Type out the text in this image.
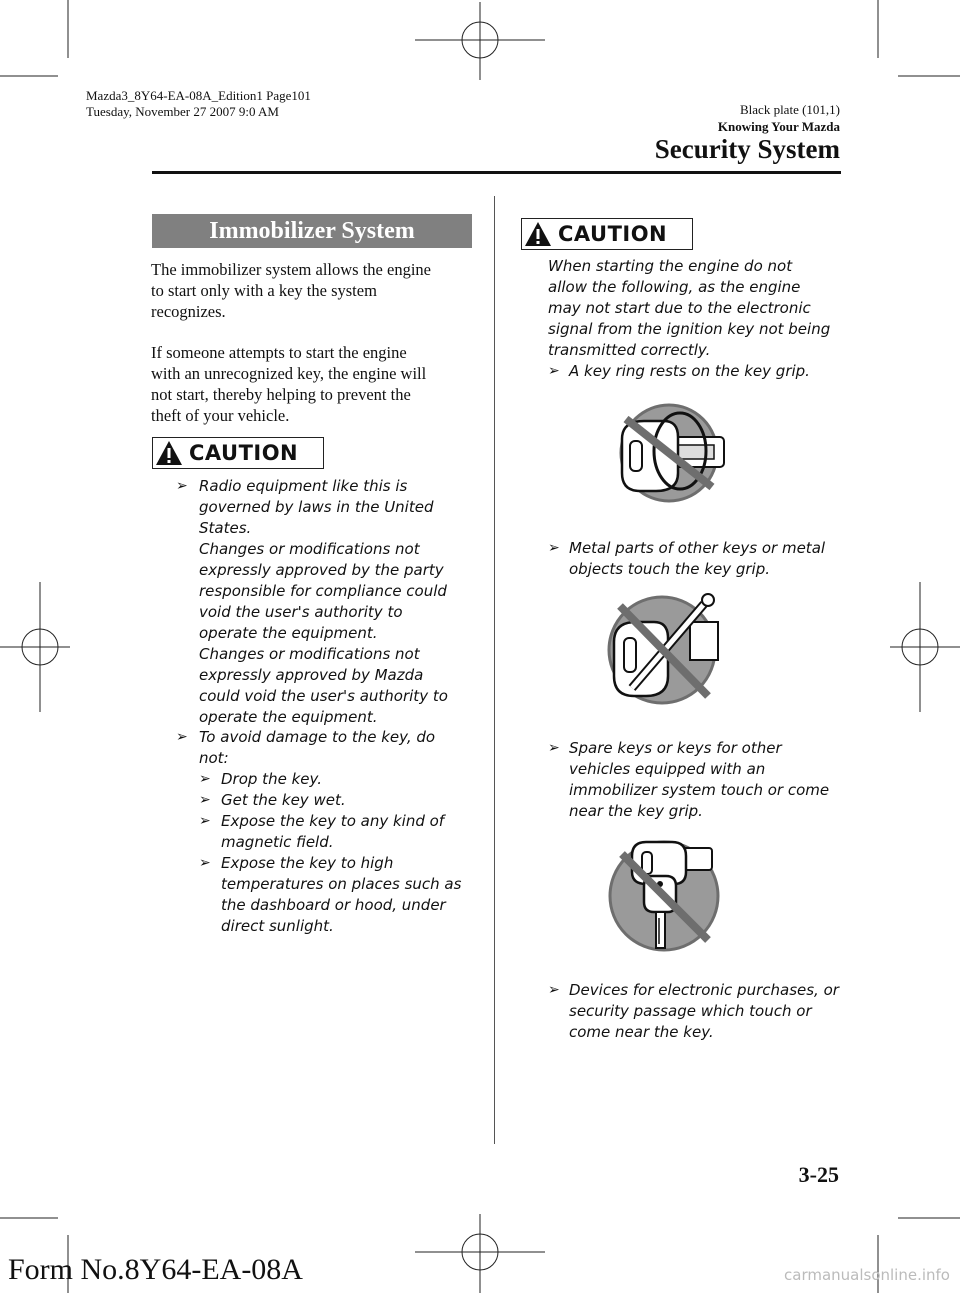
Mazda3_8Y64-EA-08A_Edition1 Page101
Tuesday, November 27 2007 9:0 AM	Black plate (101,1)
Knowing Your Mazda
Security System
Immobilizer System
The immobilizer system allows the engine
to start only with a key the system
recognizes.
If someone attempts to start the engine
with an unrecognized key, the engine will
not start, thereby helping to prevent the
theft of your vehicle.
CAUTION
➢ Radio equipment like this is
governed by laws in the United
States.
Changes or modifications not
expressly approved by the party
responsible for compliance could
void the user's authority to
operate the equipment.
Changes or modifications not
expressly approved by Mazda
could void the user's authority to
operate the equipment.
➢ To avoid damage to the key, do
not:
➢ Drop the key.
➢ Get the key wet.
➢ Expose the key to any kind of
magnetic field.
➢ Expose the key to high
temperatures on places such as
the dashboard or hood, under
direct sunlight.
CAUTION
When starting the engine do not
allow the following, as the engine
may not start due to the electronic
signal from the ignition key not being
transmitted correctly.
➢ A key ring rests on the key grip.
➢ Metal parts of other keys or metal
objects touch the key grip.
➢ Spare keys or keys for other
vehicles equipped with an
immobilizer system touch or come
near the key grip.
➢ Devices for electronic purchases, or
security passage which touch or
come near the key.
3-25
Form No.8Y64-EA-08A	carmanualsonline.info
